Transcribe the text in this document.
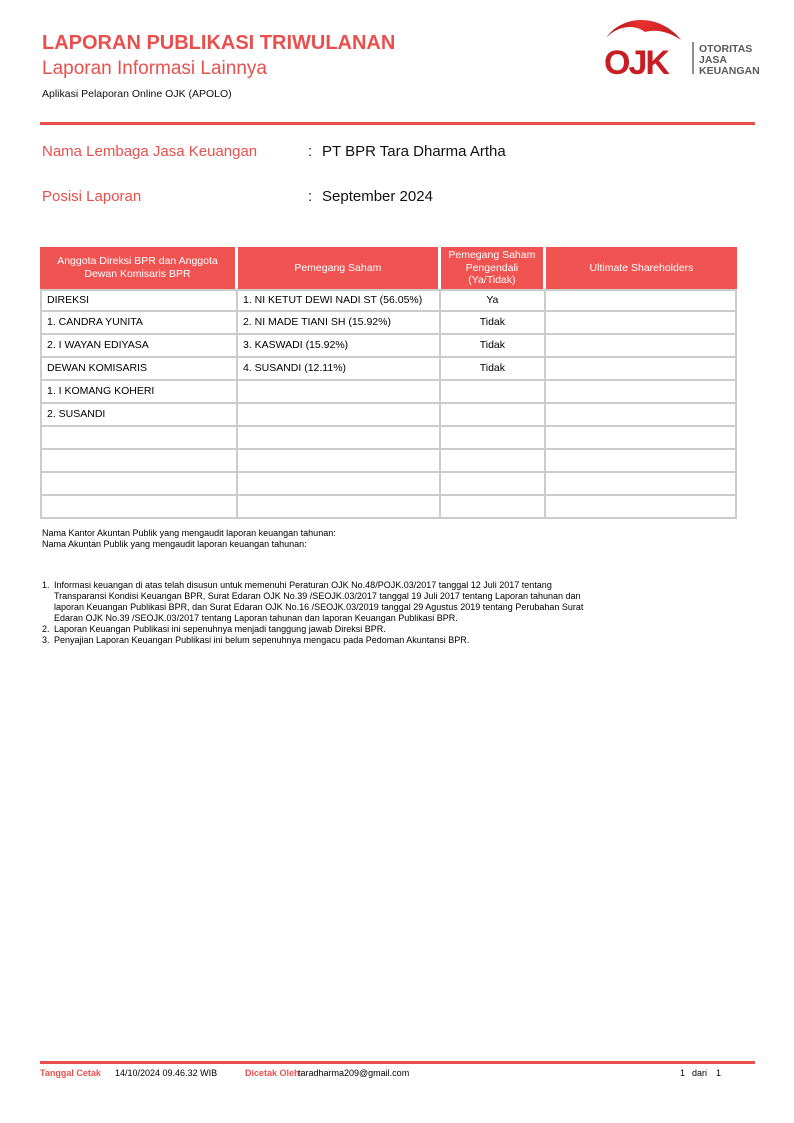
LAPORAN PUBLIKASI TRIWULANAN
Laporan Informasi Lainnya
Aplikasi Pelaporan Online OJK (APOLO)
OJK	OTORITAS
JASA
KEUANGAN
Nama Lembaga Jasa Keuangan	: PT BPR Tara Dharma Artha
Posisi Laporan	: September 2024
Anggota Direksi BPR dan Anggota Dewan Komisaris BPR	Pemegang Saham	Pemegang Saham Pengendali (Ya/Tidak)	Ultimate Shareholders
DIREKSI	1. NI KETUT DEWI NADI ST (56.05%)	Ya	
1. CANDRA YUNITA	2. NI MADE TIANI SH (15.92%)	Tidak	
2. I WAYAN EDIYASA	3. KASWADI (15.92%)	Tidak	
DEWAN KOMISARIS	4. SUSANDI (12.11%)	Tidak	
1. I KOMANG KOHERI			
2. SUSANDI			

Nama Kantor Akuntan Publik yang mengaudit laporan keuangan tahunan:
Nama Akuntan Publik yang mengaudit laporan keuangan tahunan:
1. Informasi keuangan di atas telah disusun untuk memenuhi Peraturan OJK No.48/POJK.03/2017 tanggal 12 Juli 2017 tentang Transparansi Kondisi Keuangan BPR, Surat Edaran OJK No.39 /SEOJK.03/2017 tanggal 19 Juli 2017 tentang Laporan tahunan dan laporan Keuangan Publikasi BPR, dan Surat Edaran OJK No.16 /SEOJK.03/2019 tanggal 29 Agustus 2019 tentang Perubahan Surat Edaran OJK No.39 /SEOJK.03/2017 tentang Laporan tahunan dan laporan Keuangan Publikasi BPR.
2. Laporan Keuangan Publikasi ini sepenuhnya menjadi tanggung jawab Direksi BPR.
3. Penyajian Laporan Keuangan Publikasi ini belum sepenuhnya mengacu pada Pedoman Akuntansi BPR.
Tanggal Cetak 14/10/2024 09.46.32 WIB	Dicetak Oleh
taradharma209@gmail.com	1 dari 1
